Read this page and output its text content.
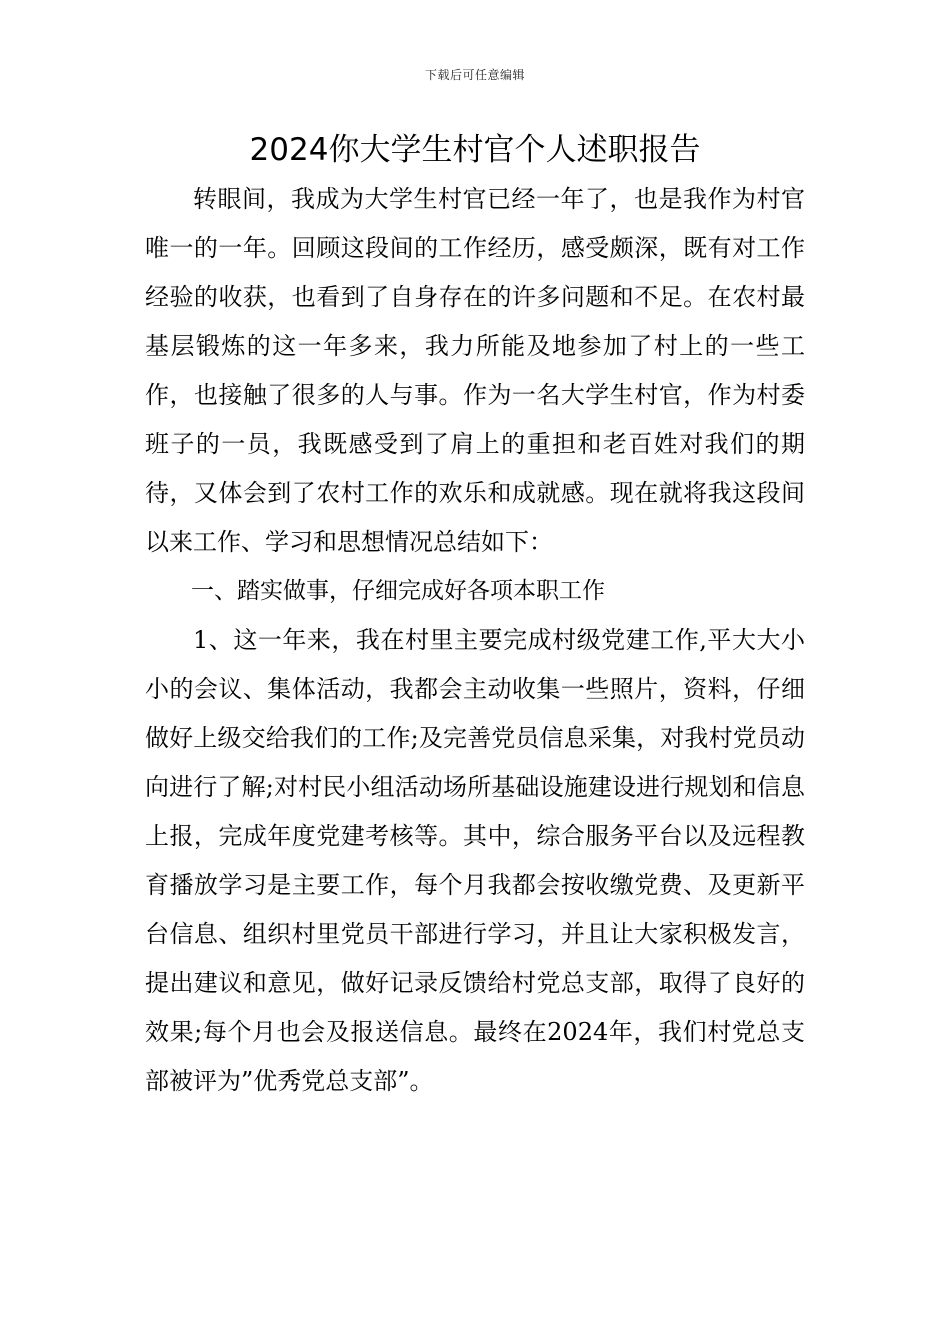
下载后可任意编辑
2024你大学生村官个人述职报告

转眼间，我成为大学生村官已经一年了，也是我作为村官唯一的一年。回顾这段间的工作经历，感受颇深，既有对工作经验的收获，也看到了自身存在的许多问题和不足。在农村最基层锻炼的这一年多来，我力所能及地参加了村上的一些工作，也接触了很多的人与事。作为一名大学生村官，作为村委班子的一员，我既感受到了肩上的重担和老百姓对我们的期待，又体会到了农村工作的欢乐和成就感。现在就将我这段间以来工作、学习和思想情况总结如下：

一、踏实做事，仔细完成好各项本职工作

1、这一年来，我在村里主要完成村级党建工作,平大大小小的会议、集体活动，我都会主动收集一些照片，资料，仔细做好上级交给我们的工作;及完善党员信息采集，对我村党员动向进行了解;对村民小组活动场所基础设施建设进行规划和信息上报，完成年度党建考核等。其中，综合服务平台以及远程教育播放学习是主要工作，每个月我都会按收缴党费、及更新平台信息、组织村里党员干部进行学习，并且让大家积极发言，提出建议和意见，做好记录反馈给村党总支部，取得了良好的效果;每个月也会及报送信息。最终在2024年，我们村党总支部被评为”优秀党总支部”。
